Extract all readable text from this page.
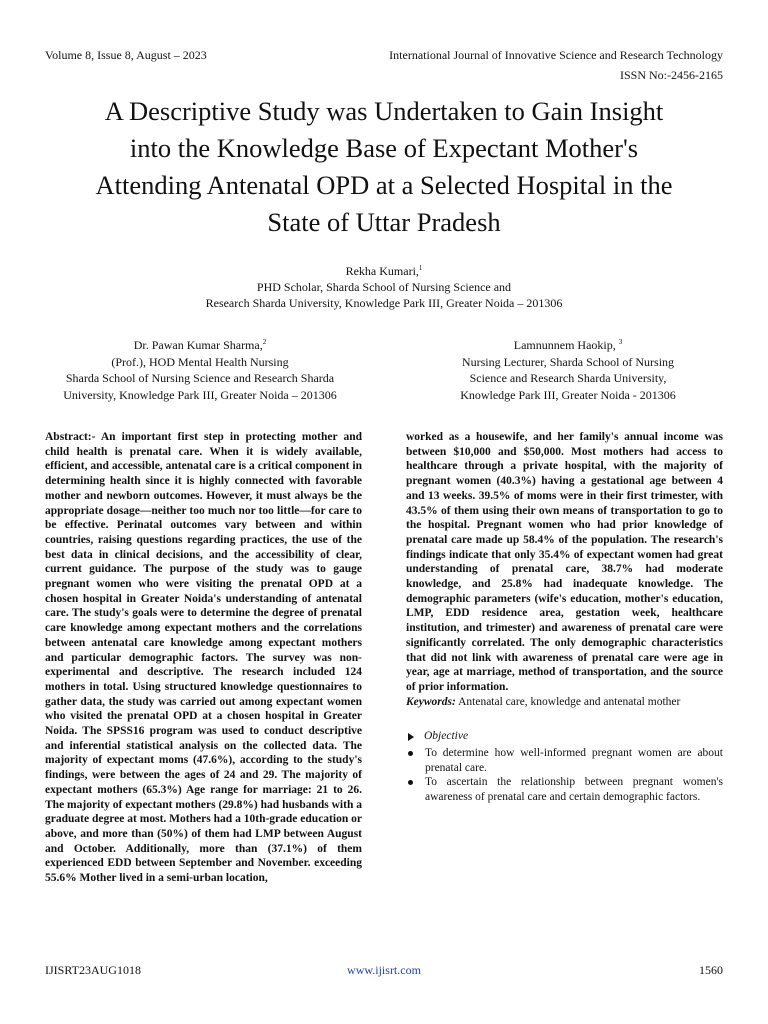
Volume 8, Issue 8, August – 2023	International Journal of Innovative Science and Research Technology
ISSN No:-2456-2165
A Descriptive Study was Undertaken to Gain Insight
into the Knowledge Base of Expectant Mother's
Attending Antenatal OPD at a Selected Hospital in the
State of Uttar Pradesh
Rekha Kumari,$^1$
PHD Scholar, Sharda School of Nursing Science and
Research Sharda University, Knowledge Park III, Greater Noida – 201306
Dr. Pawan Kumar Sharma,$^2$
(Prof.), HOD Mental Health Nursing
Sharda School of Nursing Science and Research Sharda
University, Knowledge Park III, Greater Noida – 201306
Lamnunnem Haokip, $^3$
Nursing Lecturer, Sharda School of Nursing
Science and Research Sharda University,
Knowledge Park III, Greater Noida - 201306

Abstract:- An important first step in protecting mother and child health is prenatal care. When it is widely available, efficient, and accessible, antenatal care is a critical component in determining health since it is highly connected with favorable mother and newborn outcomes. However, it must always be the appropriate dosage—neither too much nor too little—for care to be effective. Perinatal outcomes vary between and within countries, raising questions regarding practices, the use of the best data in clinical decisions, and the accessibility of clear, current guidance. The purpose of the study was to gauge pregnant women who were visiting the prenatal OPD at a chosen hospital in Greater Noida's understanding of antenatal care. The study's goals were to determine the degree of prenatal care knowledge among expectant mothers and the correlations between antenatal care knowledge among expectant mothers and particular demographic factors. The survey was non-experimental and descriptive. The research included 124 mothers in total. Using structured knowledge questionnaires to gather data, the study was carried out among expectant women who visited the prenatal OPD at a chosen hospital in Greater Noida. The SPSS16 program was used to conduct descriptive and inferential statistical analysis on the collected data. The majority of expectant moms (47.6%), according to the study's findings, were between the ages of 24 and 29. The majority of expectant mothers (65.3%) Age range for marriage: 21 to 26. The majority of expectant mothers (29.8%) had husbands with a graduate degree at most. Mothers had a 10th-grade education or above, and more than (50%) of them had LMP between August and October. Additionally, more than (37.1%) of them experienced EDD between September and November. exceeding 55.6% Mother lived in a semi-urban location,

worked as a housewife, and her family's annual income was between $10,000 and $50,000. Most mothers had access to healthcare through a private hospital, with the majority of pregnant women (40.3%) having a gestational age between 4 and 13 weeks. 39.5% of moms were in their first trimester, with 43.5% of them using their own means of transportation to go to the hospital. Pregnant women who had prior knowledge of prenatal care made up 58.4% of the population. The research's findings indicate that only 35.4% of expectant women had great understanding of prenatal care, 38.7% had moderate knowledge, and 25.8% had inadequate knowledge. The demographic parameters (wife's education, mother's education, LMP, EDD residence area, gestation week, healthcare institution, and trimester) and awareness of prenatal care were significantly correlated. The only demographic characteristics that did not link with awareness of prenatal care were age in year, age at marriage, method of transportation, and the source of prior information.

Keywords: Antenatal care, knowledge and antenatal mother

Objective
To determine how well-informed pregnant women are about prenatal care.
To ascertain the relationship between pregnant women's awareness of prenatal care and certain demographic factors.
IJISRT23AUG1018	www.ijisrt.com	1560
